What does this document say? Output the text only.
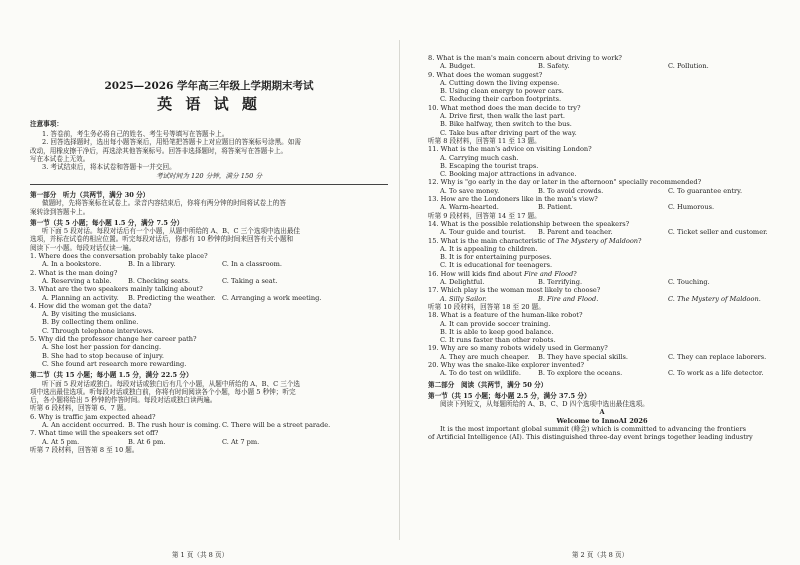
2025—2026 学年高三年级上学期期末考试
英 语 试 题
注意事项：

1. 答卷前，考生务必将自己的姓名、考生号等填写在答题卡上。

2. 回答选择题时，选出每小题答案后，用铅笔把答题卡上对应题目的答案标号涂黑。如需

改动，用橡皮擦干净后，再选涂其他答案标号。回答非选择题时，将答案写在答题卡上。

写在本试卷上无效。

3. 考试结束后，将本试卷和答题卡一并交回。

考试时间为 120 分钟，满分 150 分

第一部分　听力（共两节，满分 30 分）

做题时，先将答案标在试卷上。录音内容结束后，你将有两分钟的时间将试卷上的答

案转涂到答题卡上。

第一节（共 5 小题；每小题 1.5 分，满分 7.5 分）

听下面 5 段对话。每段对话后有一个小题，从题中所给的 A、B、C 三个选项中选出最佳

选项，并标在试卷的相应位置。听完每段对话后，你都有 10 秒钟的时间来回答有关小题和

阅读下一小题。每段对话仅读一遍。

1. Where does the conversation probably take place?

A. In a bookstore.	B. In a library.	C. In a classroom.

2. What is the man doing?

A. Reserving a table.	B. Checking seats.	C. Taking a seat.

3. What are the two speakers mainly talking about?

A. Planning an activity.	B. Predicting the weather. C. Arranging a work meeting.

4. How did the woman get the data?

A. By visiting the musicians.

B. By collecting them online.

C. Through telephone interviews.

5. Why did the professor change her career path?

A. She lost her passion for dancing.

B. She had to stop because of injury.

C. She found art research more rewarding.

第二节（共 15 小题；每小题 1.5 分，满分 22.5 分）

听下面 5 段对话或独白。每段对话或独白后有几个小题，从题中所给的 A、B、C 三个选

项中选出最佳选项。听每段对话或独白前，你将有时间阅读各个小题，每小题 5 秒钟；听完

后，各小题将给出 5 秒钟的作答时间。每段对话或独白读两遍。

听第 6 段材料，回答第 6、7 题。

6. Why is traffic jam expected ahead?

A. An accident occurred. B. The rush hour is coming. C. There will be a street parade.

7. What time will the speakers set off?

A. At 5 pm.	B. At 6 pm.	C. At 7 pm.

听第 7 段材料，回答第 8 至 10 题。

第 1 页（共 8 页）

8. What is the man's main concern about driving to work?

A. Budget.	B. Safety.	C. Pollution.

9. What does the woman suggest?

A. Cutting down the living expense.

B. Using clean energy to power cars.

C. Reducing their carbon footprints.

10. What method does the man decide to try?

A. Drive first, then walk the last part.

B. Bike halfway, then switch to the bus.

C. Take bus after driving part of the way.

听第 8 段材料，回答第 11 至 13 题。

11. What is the man's advice on visiting London?

A. Carrying much cash.

B. Escaping the tourist traps.

C. Booking major attractions in advance.

12. Why is "go early in the day or later in the afternoon" specially recommended?

A. To save money.	B. To avoid crowds.	C. To guarantee entry.

13. How are the Londoners like in the man's view?

A. Warm-hearted.	B. Patient.	C. Humorous.

听第 9 段材料，回答第 14 至 17 题。

14. What is the possible relationship between the speakers?

A. Tour guide and tourist.	B. Parent and teacher.	C. Ticket seller and customer.

15. What is the main characteristic of The Mystery of Maldoon?

A. It is appealing to children.

B. It is for entertaining purposes.

C. It is educational for teenagers.

16. How will kids find about Fire and Flood?

A. Delightful.	B. Terrifying.	C. Touching.

17. Which play is the woman most likely to choose?

A. Silly Sailor.	B. Fire and Flood.	C. The Mystery of Maldoon.

听第 10 段材料，回答第 18 至 20 题。

18. What is a feature of the human-like robot?

A. It can provide soccer training.

B. It is able to keep good balance.

C. It runs faster than other robots.

19. Why are so many robots widely used in Germany?

A. They are much cheaper.	B. They have special skills.	C. They can replace laborers.

20. Why was the snake-like explorer invented?

A. To do test on wildlife.	B. To explore the oceans.	C. To work as a life detector.
第二部分　阅读（共两节，满分 50 分）
第一节（共 15 小题；每小题 2.5 分，满分 37.5 分）

阅读下列短文，从每题所给的 A、B、C、D 四个选项中选出最佳选项。

A
Welcome to InnoAI 2026

It is the most important global summit (峰会) which is committed to advancing the frontiers

of Artificial Intelligence (AI). This distinguished three-day event brings together leading industry

第 2 页（共 8 页）
